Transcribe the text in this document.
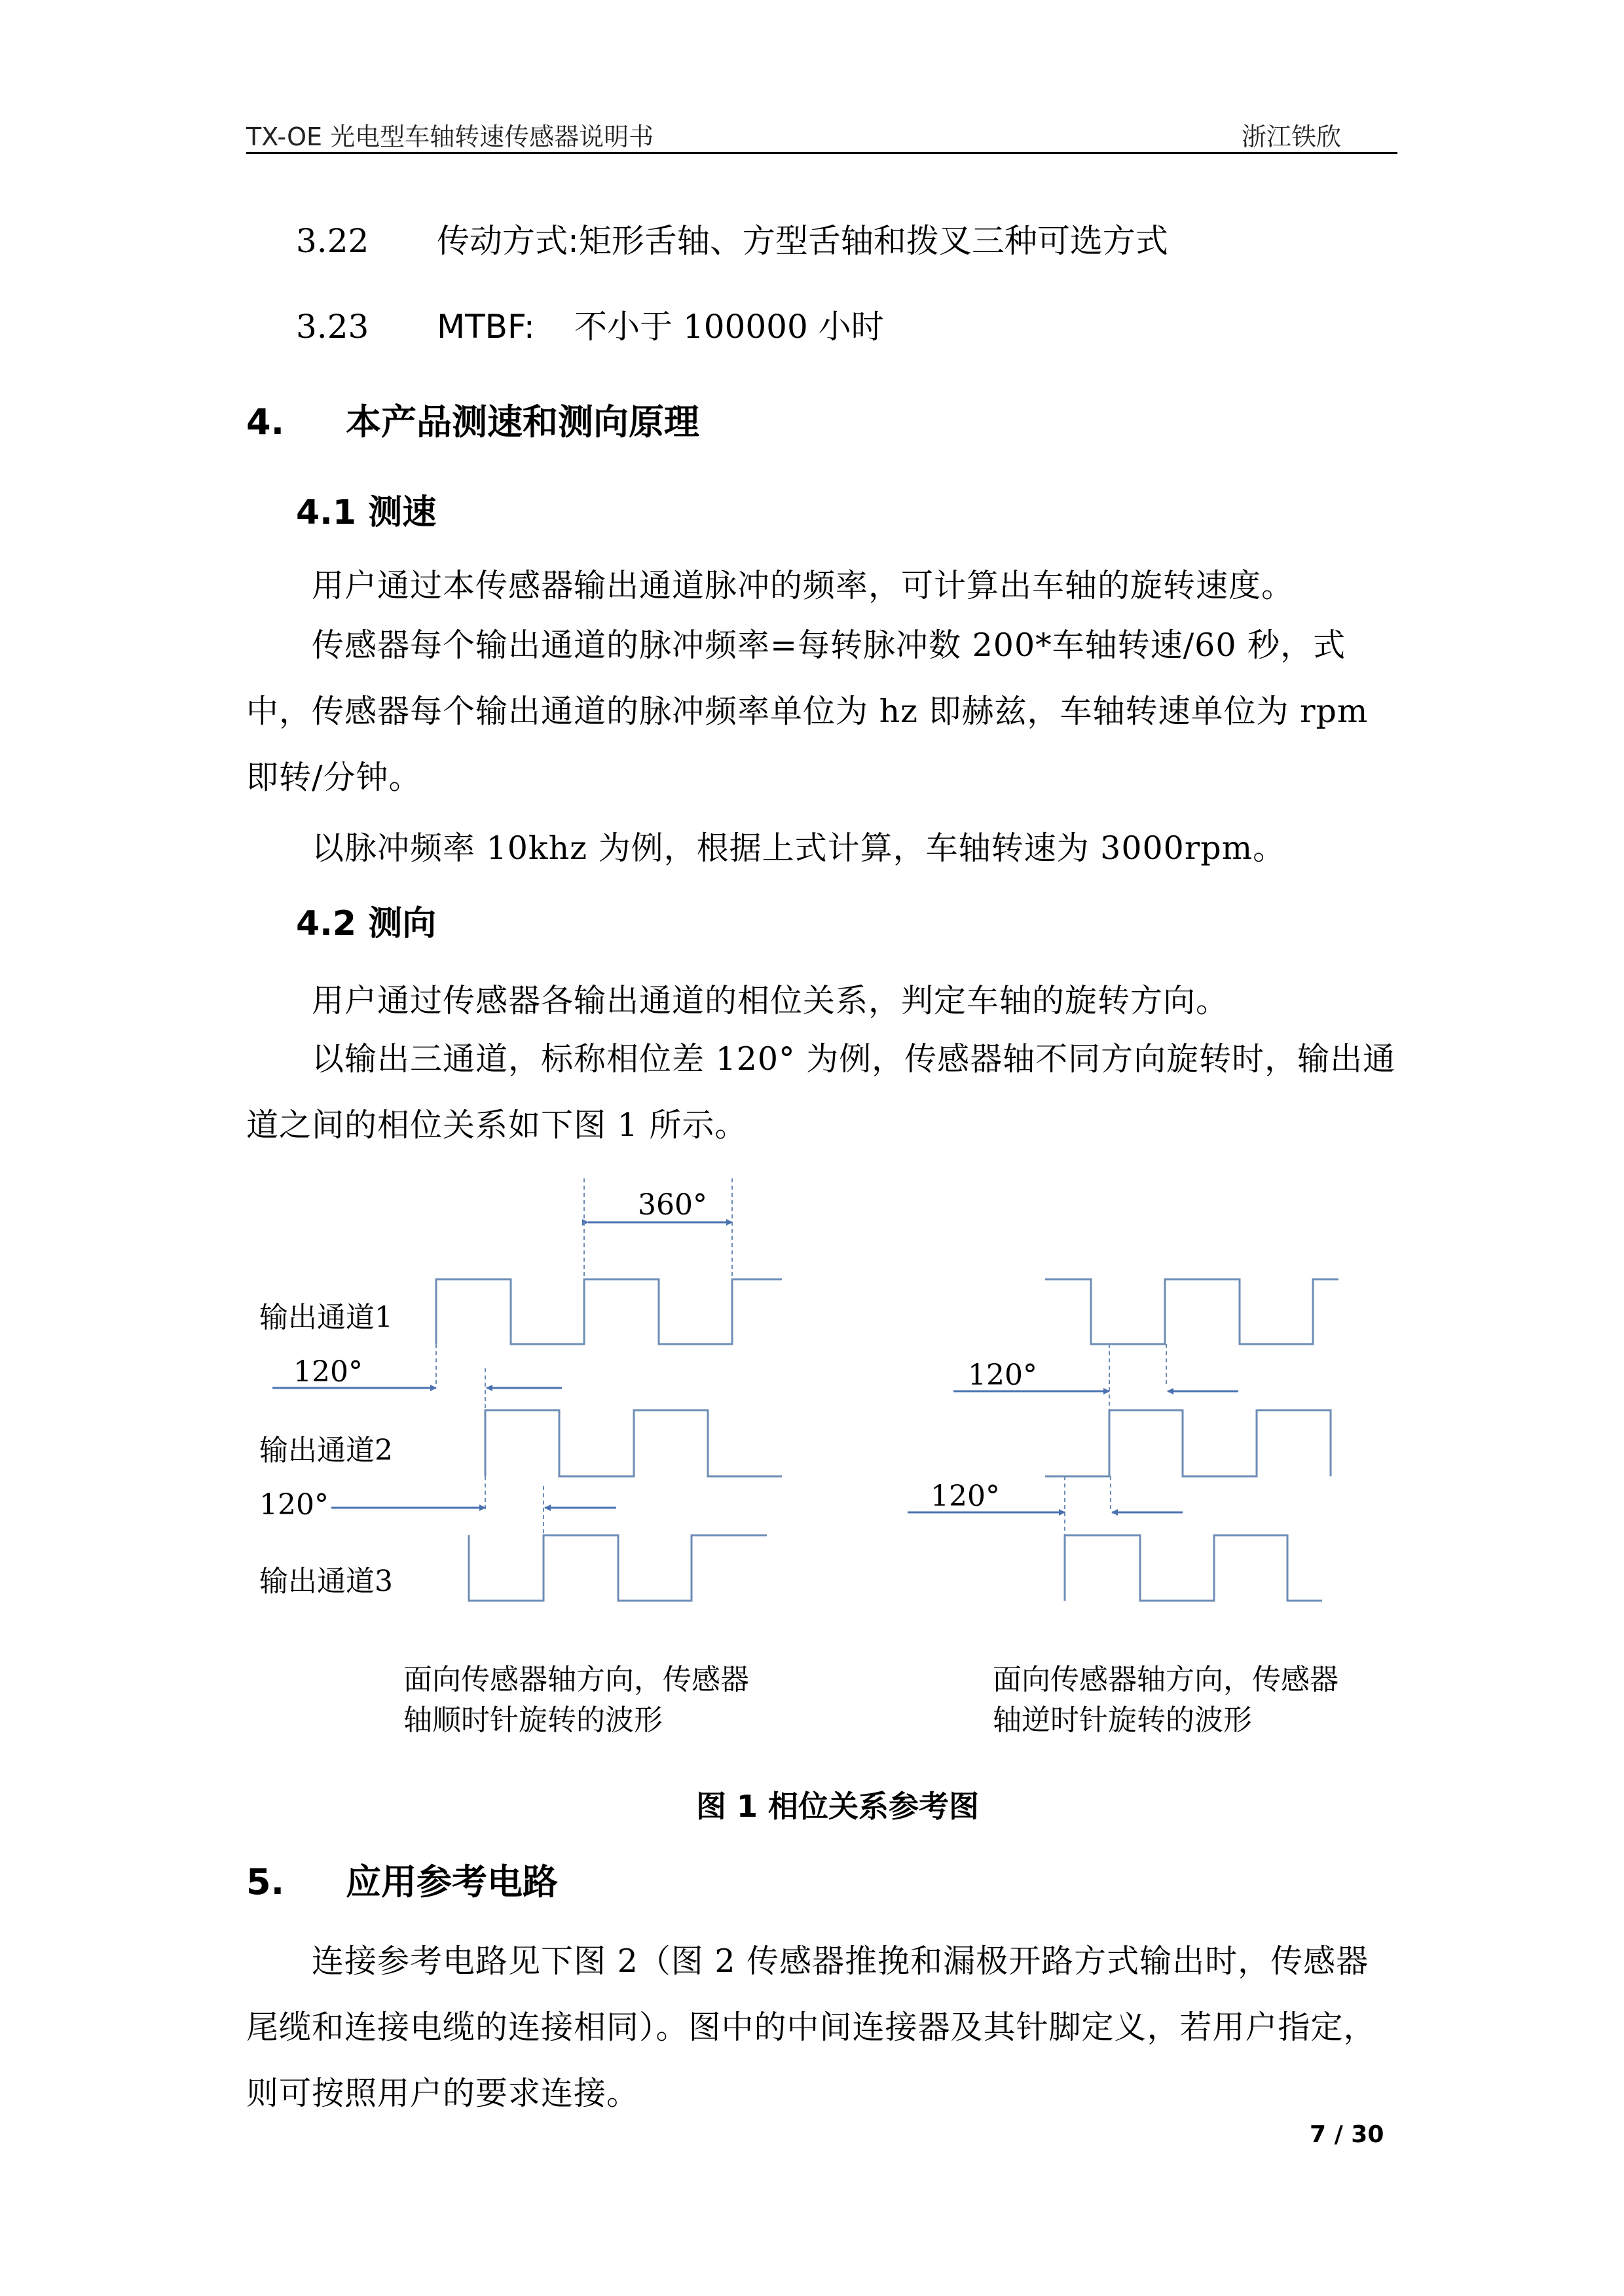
TX-OE 光电型车轴转速传感器说明书	浙江铁欣
3.22 传动方式:矩形舌轴、方型舌轴和拨叉三种可选方式
3.23 MTBF: 不小于 100000 小时
4. 本产品测速和测向原理
4.1 测速
用户通过本传感器输出通道脉冲的频率，可计算出车轴的旋转速度。
传感器每个输出通道的脉冲频率=每转脉冲数 200*车轴转速/60 秒，式中，传感器每个输出通道的脉冲频率单位为 hz 即赫兹，车轴转速单位为 rpm 即转/分钟。
以脉冲频率 10khz 为例，根据上式计算，车轴转速为 3000rpm。
4.2 测向
用户通过传感器各输出通道的相位关系，判定车轴的旋转方向。
以输出三通道，标称相位差 120° 为例，传感器轴不同方向旋转时，输出通道之间的相位关系如下图 1 所示。
360°
输出通道1
120°
输出通道2
120°
输出通道3
120°
120°
面向传感器轴方向，传感器
轴顺时针旋转的波形
面向传感器轴方向，传感器
轴逆时针旋转的波形
图 1 相位关系参考图
5. 应用参考电路
连接参考电路见下图 2（图 2 传感器推挽和漏极开路方式输出时，传感器尾缆和连接电缆的连接相同）。图中的中间连接器及其针脚定义，若用户指定，则可按照用户的要求连接。
7 / 30
